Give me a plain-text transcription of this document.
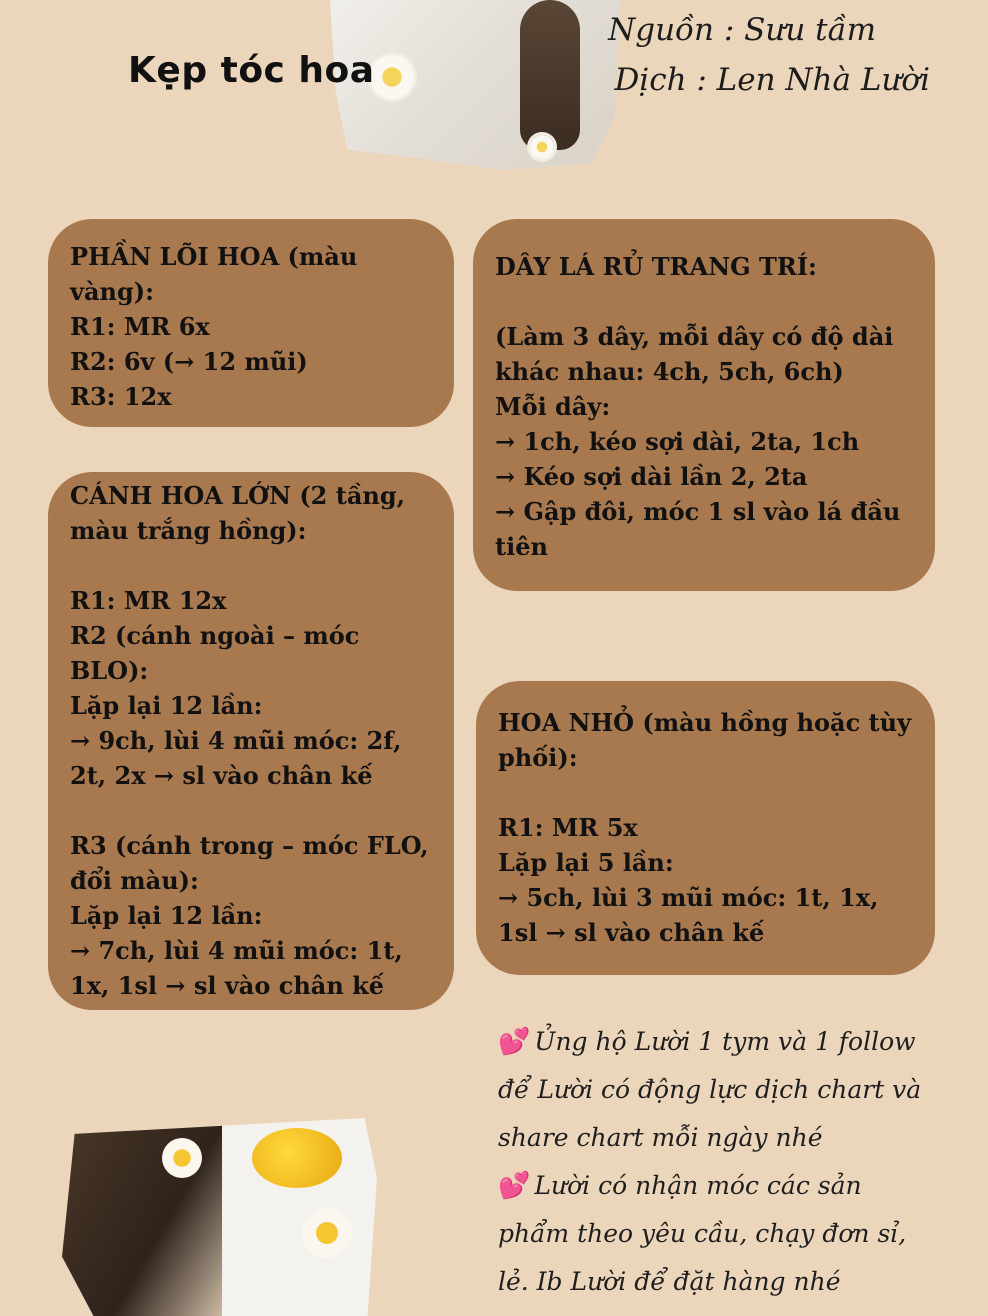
Kẹp tóc hoa
Nguồn : Sưu tầm
Dịch : Len Nhà Lười

PHẦN LÕI HOA (màu vàng):

R1: MR 6x

R2: 6v (→ 12 mũi)

R3: 12x

CÁNH HOA LỚN (2 tầng, màu trắng hồng):

R1: MR 12x

R2 (cánh ngoài – móc BLO):

Lặp lại 12 lần:

→ 9ch, lùi 4 mũi móc: 2f, 2t, 2x → sl vào chân kế

R3 (cánh trong – móc FLO, đổi màu):

Lặp lại 12 lần:

→ 7ch, lùi 4 mũi móc: 1t, 1x, 1sl → sl vào chân kế

DÂY LÁ RỦ TRANG TRÍ:

(Làm 3 dây, mỗi dây có độ dài khác nhau: 4ch, 5ch, 6ch)

Mỗi dây:

→ 1ch, kéo sợi dài, 2ta, 1ch

→ Kéo sợi dài lần 2, 2ta

→ Gập đôi, móc 1 sl vào lá đầu tiên

HOA NHỎ (màu hồng hoặc tùy phối):

R1: MR 5x

Lặp lại 5 lần:

→ 5ch, lùi 3 mũi móc: 1t, 1x, 1sl → sl vào chân kế

💕 Ủng hộ Lười 1 tym và 1 follow để Lười có động lực dịch chart và share chart mỗi ngày nhé

💕 Lười có nhận móc các sản phẩm theo yêu cầu, chạy đơn sỉ, lẻ. Ib Lười để đặt hàng nhé
